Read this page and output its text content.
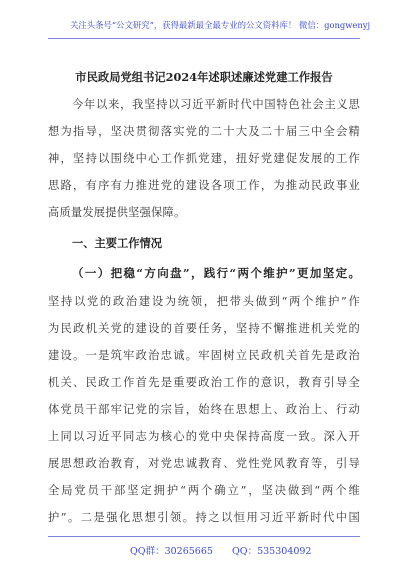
关注头条号“公文研究”，获得最新最全最专业的公文资料库！ 微信：gongwenyj
市民政局党组书记2024年述职述廉述党建工作报告
今年以来，我坚持以习近平新时代中国特色社会主义思
想为指导，坚决贯彻落实党的二十大及二十届三中全会精
神，坚持以围绕中心工作抓党建，扭好党建促发展的工作
思路，有序有力推进党的建设各项工作，为推动民政事业
高质量发展提供坚强保障。
一、主要工作情况
（一）把稳“方向盘”，践行“两个维护”更加坚定。
坚持以党的政治建设为统领，把带头做到“两个维护”作
为民政机关党的建设的首要任务，坚持不懈推进机关党的
建设。一是筑牢政治忠诚。牢固树立民政机关首先是政治
机关、民政工作首先是重要政治工作的意识，教育引导全
体党员干部牢记党的宗旨，始终在思想上、政治上、行动
上同以习近平同志为核心的党中央保持高度一致。深入开
展思想政治教育，对党忠诚教育、党性党风教育等，引导
全局党员干部坚定拥护“两个确立”，坚决做到“两个维
护”。二是强化思想引领。持之以恒用习近平新时代中国
QQ群：30265665 QQ：535304092
